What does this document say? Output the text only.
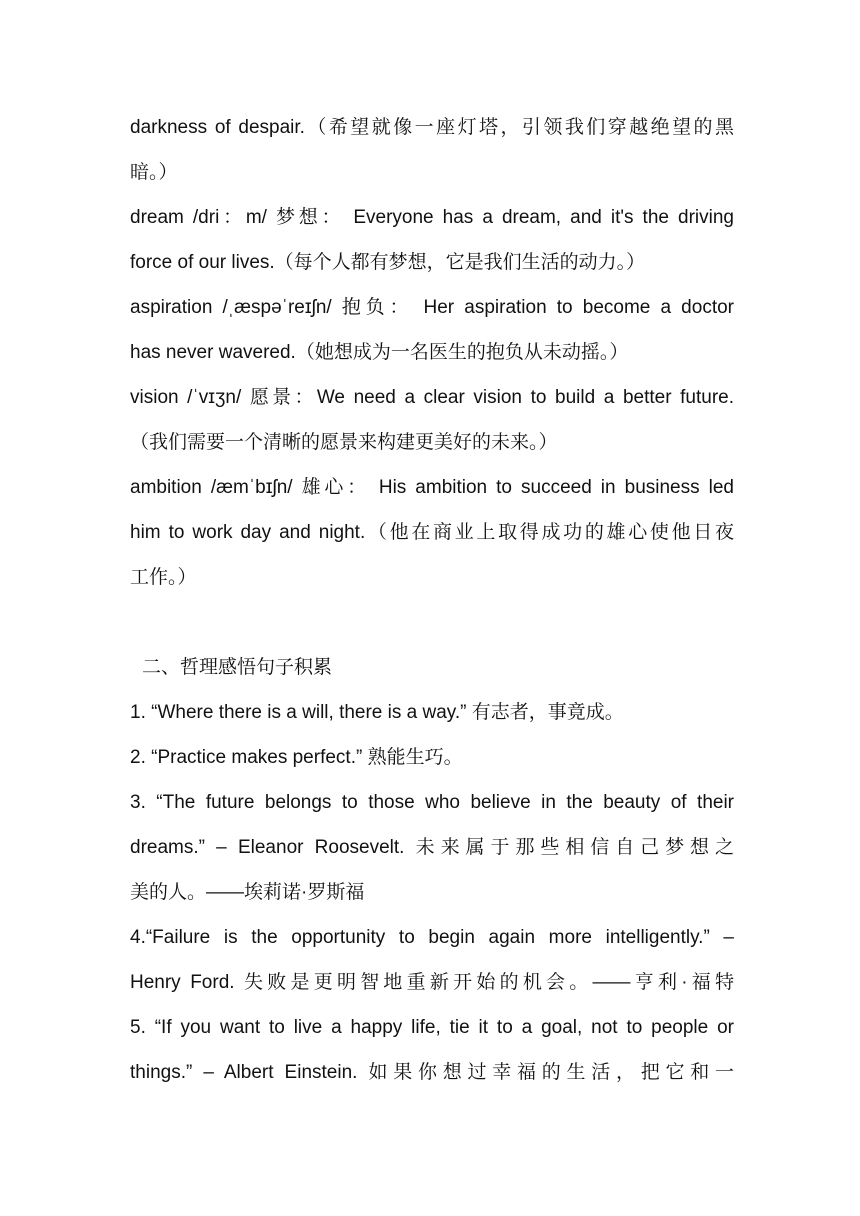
darkness of despair.（希望就像一座灯塔，引领我们穿越绝望的黑
暗。）
dream /dri：m/ 梦想： Everyone has a dream, and it's the driving
force of our lives.（每个人都有梦想，它是我们生活的动力。）
aspiration /ˌæspəˈreɪʃn/ 抱负： Her aspiration to become a doctor
has never wavered.（她想成为一名医生的抱负从未动摇。）
vision /ˈvɪʒn/ 愿景：We need a clear vision to build a better future.
（我们需要一个清晰的愿景来构建更美好的未来。）
ambition /æmˈbɪʃn/ 雄心： His ambition to succeed in business led
him to work day and night.（他在商业上取得成功的雄心使他日夜
工作。）
二、哲理感悟句子积累
1. “Where there is a will, there is a way.” 有志者，事竟成。
2. “Practice makes perfect.” 熟能生巧。
3. “The future belongs to those who believe in the beauty of their
dreams.” – Eleanor Roosevelt. 未来属于那些相信自己梦想之
美的人。——埃莉诺·罗斯福
4.“Failure is the opportunity to begin again more intelligently.” –
Henry Ford. 失败是更明智地重新开始的机会。——亨利·福特
5. “If you want to live a happy life, tie it to a goal, not to people or
things.” – Albert Einstein. 如果你想过幸福的生活，把它和一
